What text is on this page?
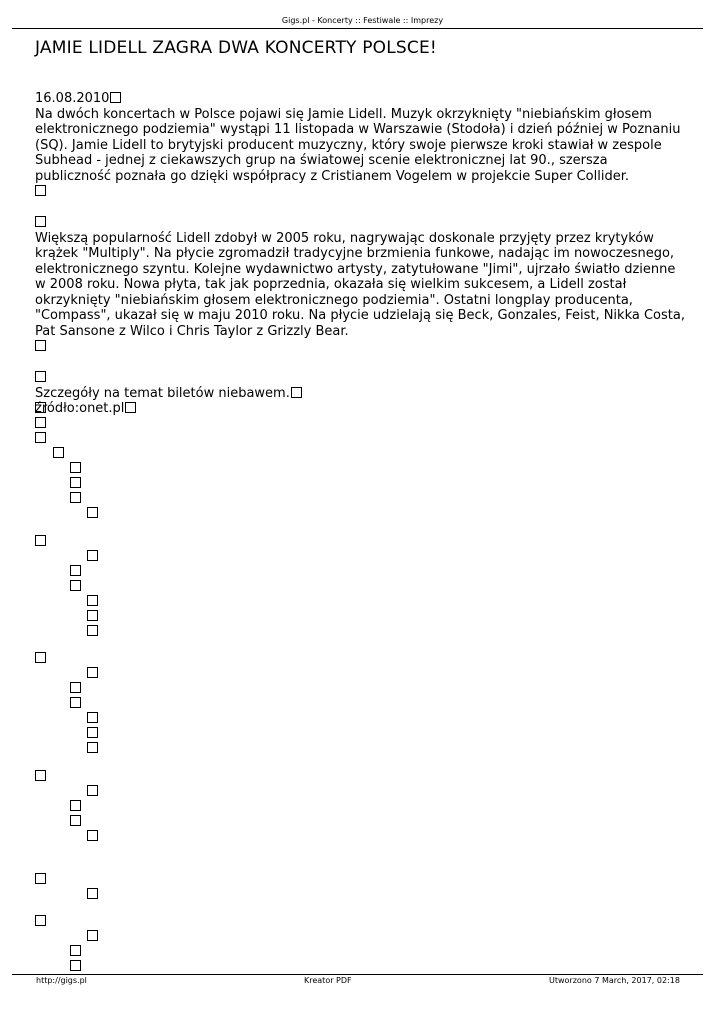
Gigs.pl - Koncerty :: Festiwale :: Imprezy
JAMIE LIDELL ZAGRA DWA KONCERTY POLSCE!

16.08.2010

Na dwóch koncertach w Polsce pojawi się Jamie Lidell. Muzyk okrzyknięty "niebiańskim głosem elektronicznego podziemia" wystąpi 11 listopada w Warszawie (Stodoła) i dzień później w Poznaniu (SQ). Jamie Lidell to brytyjski producent muzyczny, który swoje pierwsze kroki stawiał w zespole Subhead - jednej z ciekawszych grup na światowej scenie elektronicznej lat 90., szersza publiczność poznała go dzięki współpracy z Cristianem Vogelem w projekcie Super Collider.

Większą popularność Lidell zdobył w 2005 roku, nagrywając doskonale przyjęty przez krytyków krążek "Multiply". Na płycie zgromadził tradycyjne brzmienia funkowe, nadając im nowoczesnego, elektronicznego szyntu. Kolejne wydawnictwo artysty, zatytułowane "Jimi", ujrzało światło dzienne w 2008 roku. Nowa płyta, tak jak poprzednia, okazała się wielkim sukcesem, a Lidell został okrzyknięty "niebiańskim głosem elektronicznego podziemia". Ostatni longplay producenta, "Compass", ukazał się w maju 2010 roku. Na płycie udzielają się Beck, Gonzales, Feist, Nikka Costa, Pat Sansone z Wilco i Chris Taylor z Grizzly Bear.

Szczegóły na temat biletów niebawem.

źródło:onet.pl

http://gigs.pl	Kreator PDF	Utworzono 7 March, 2017, 02:18
